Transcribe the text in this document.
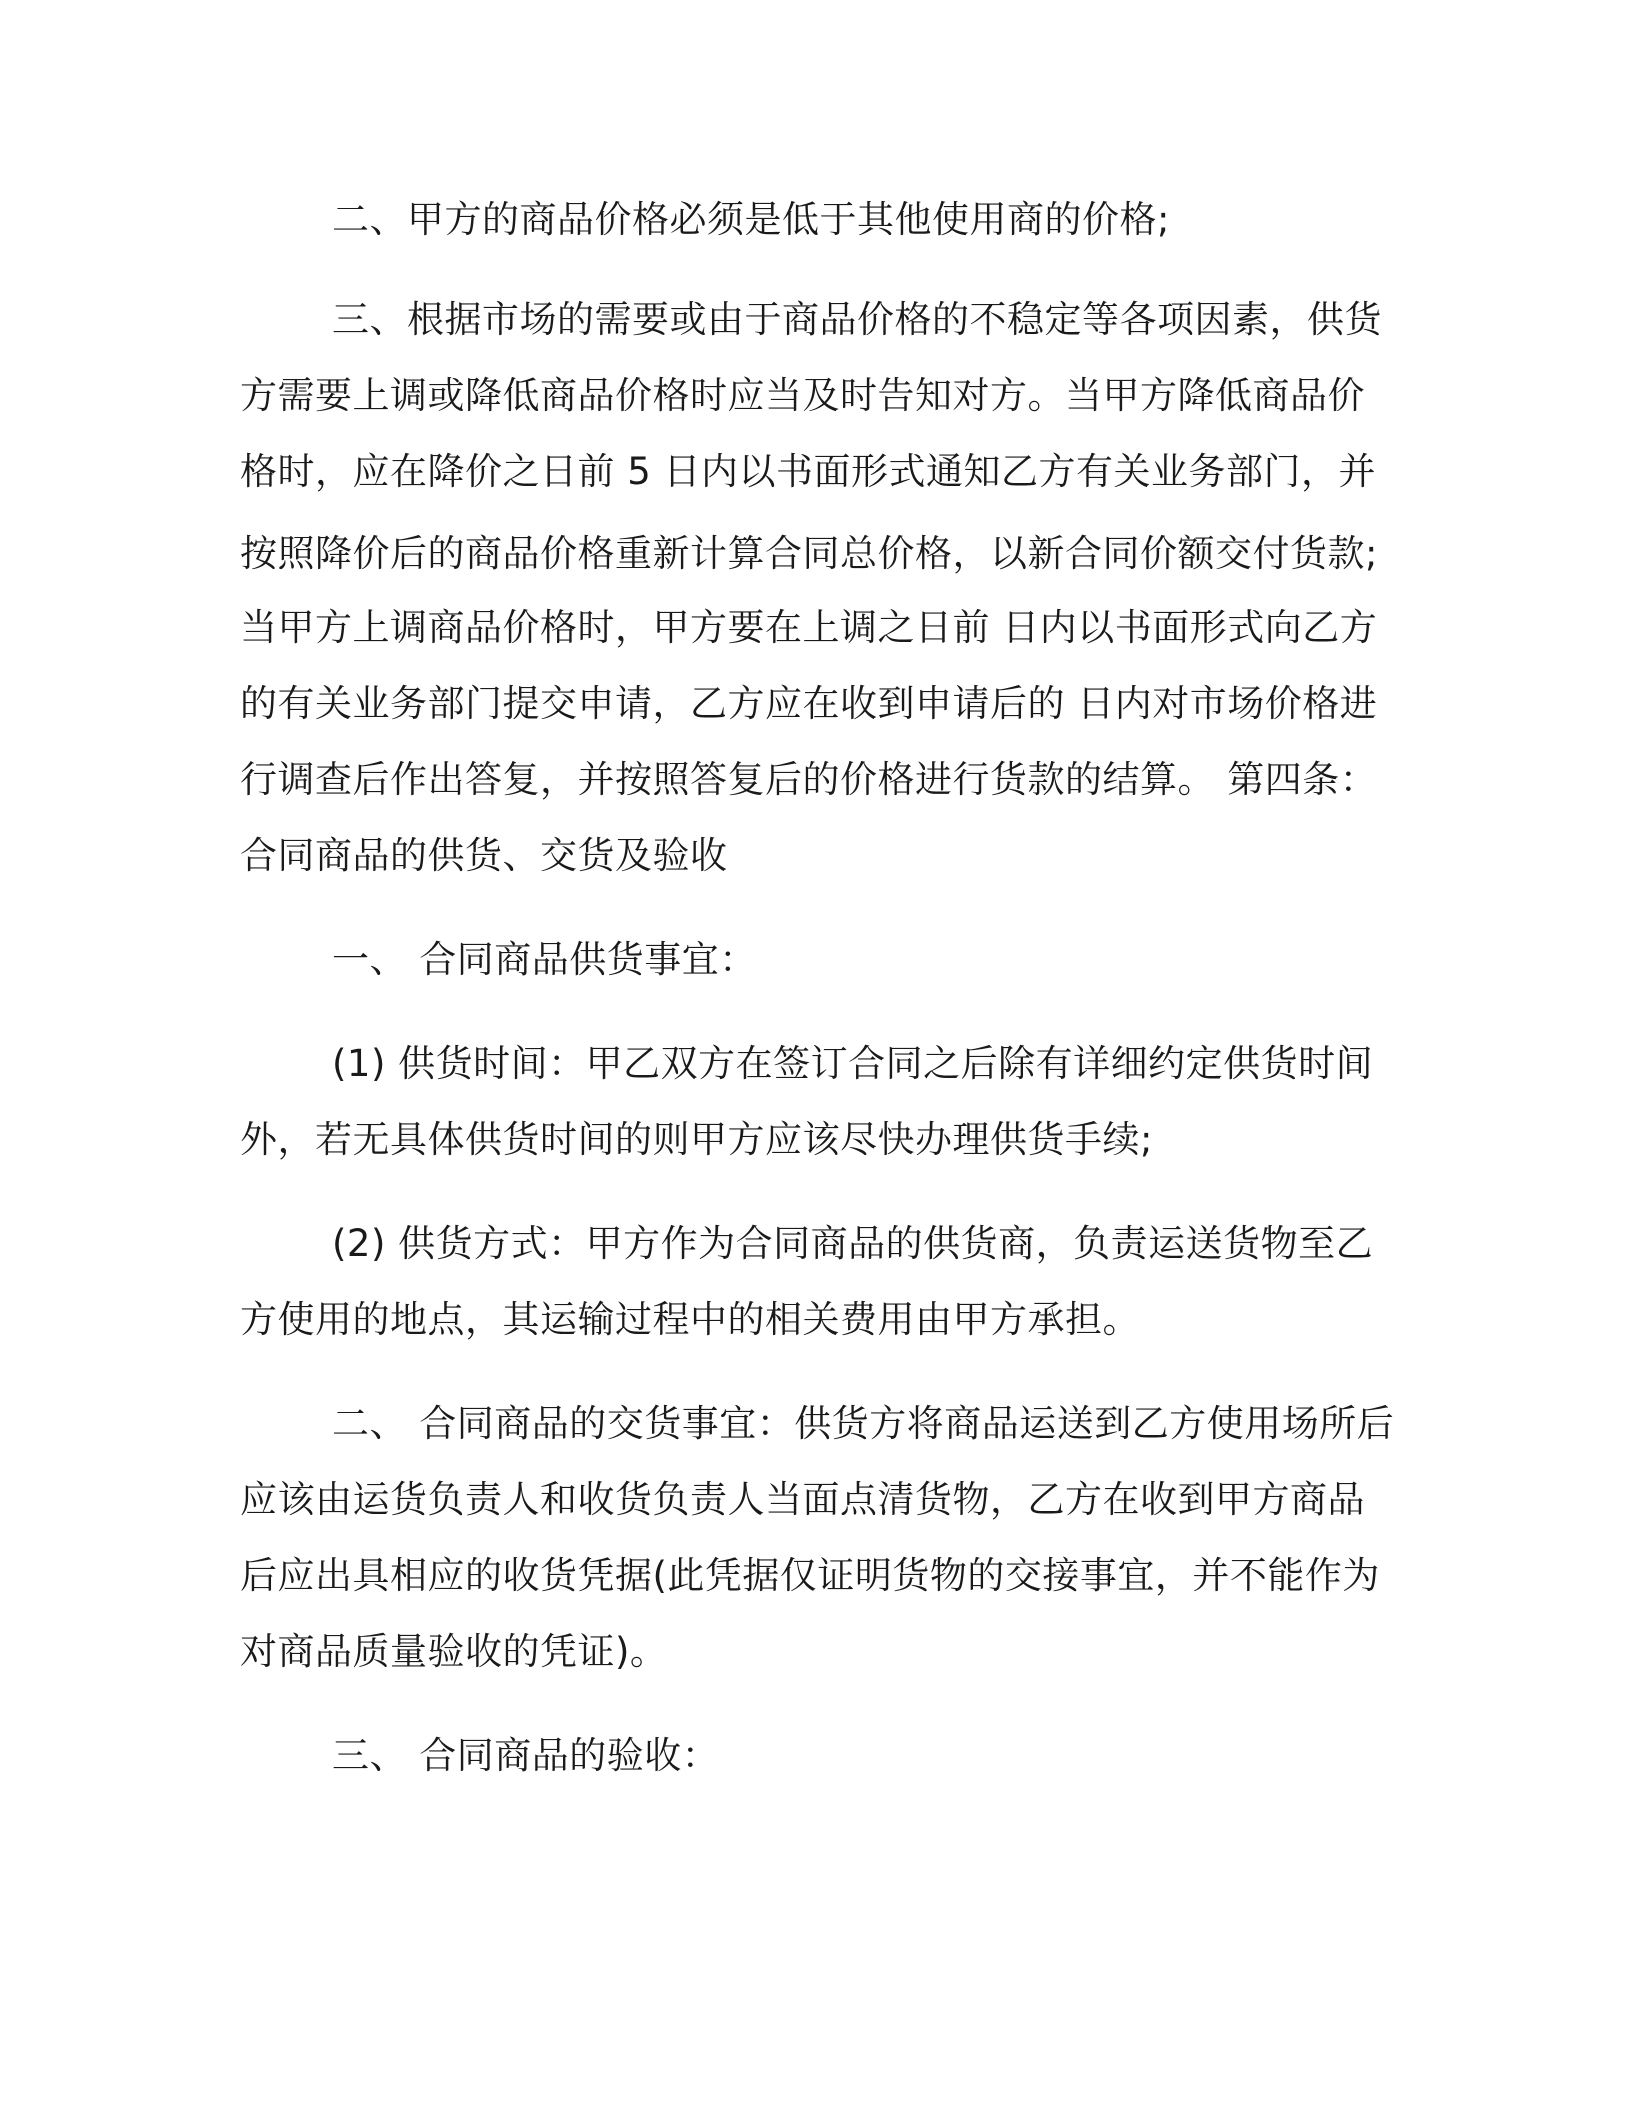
二、甲方的商品价格必须是低于其他使用商的价格;
三、根据市场的需要或由于商品价格的不稳定等各项因素，供货
方需要上调或降低商品价格时应当及时告知对方。当甲方降低商品价
格时，应在降价之日前 5 日内以书面形式通知乙方有关业务部门，并
按照降价后的商品价格重新计算合同总价格，以新合同价额交付货款;
当甲方上调商品价格时，甲方要在上调之日前 日内以书面形式向乙方
的有关业务部门提交申请，乙方应在收到申请后的 日内对市场价格进
行调查后作出答复，并按照答复后的价格进行货款的结算。 第四条：
合同商品的供货、交货及验收
一、 合同商品供货事宜：
(1) 供货时间：甲乙双方在签订合同之后除有详细约定供货时间
外，若无具体供货时间的则甲方应该尽快办理供货手续;
(2) 供货方式：甲方作为合同商品的供货商，负责运送货物至乙
方使用的地点，其运输过程中的相关费用由甲方承担。
二、 合同商品的交货事宜：供货方将商品运送到乙方使用场所后
应该由运货负责人和收货负责人当面点清货物，乙方在收到甲方商品
后应出具相应的收货凭据(此凭据仅证明货物的交接事宜，并不能作为
对商品质量验收的凭证)。
三、 合同商品的验收：
